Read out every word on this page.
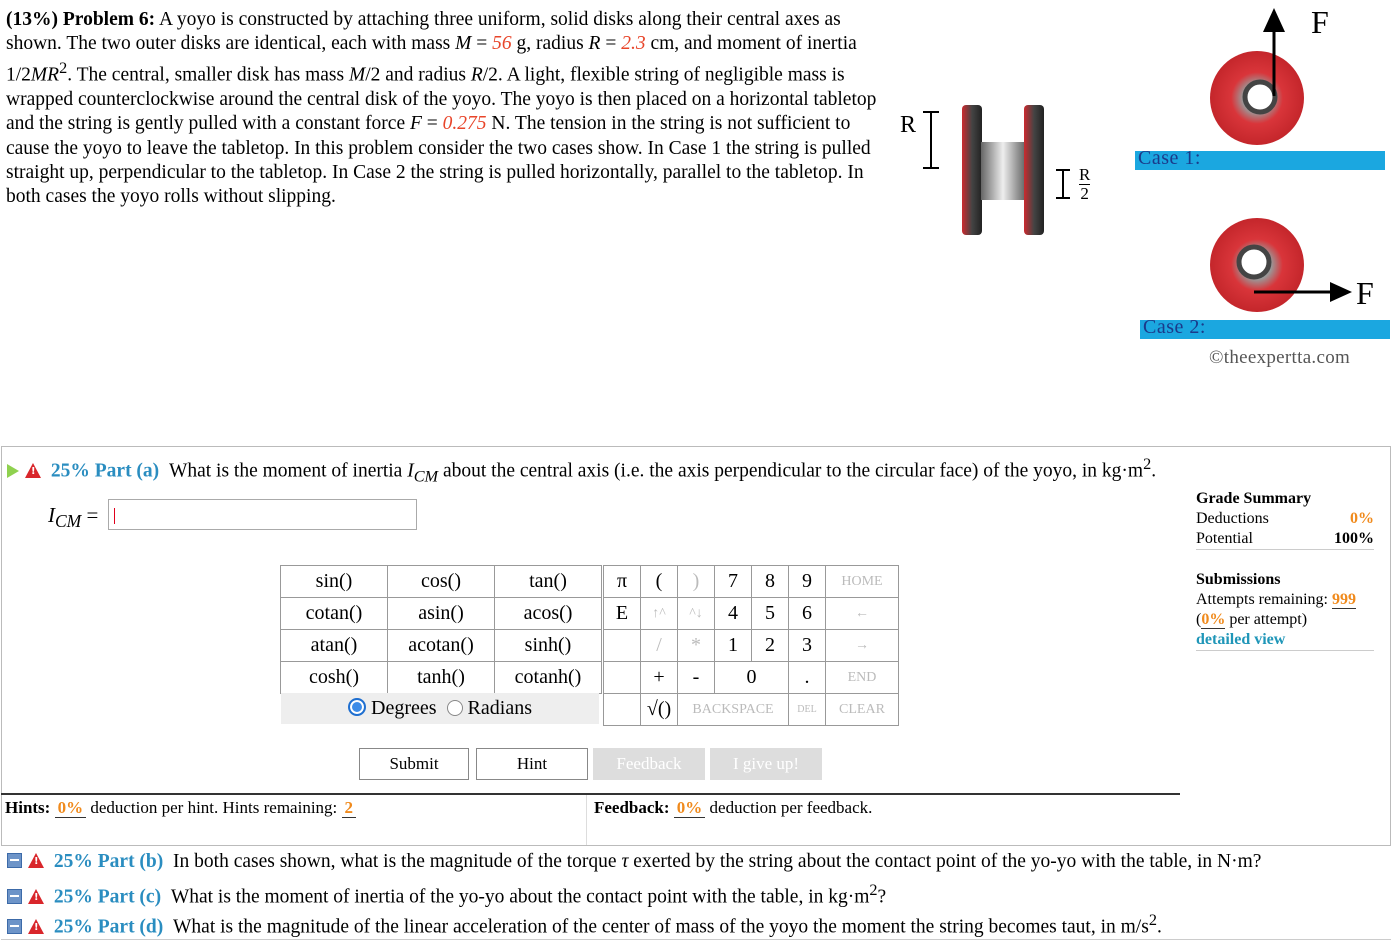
(13%) Problem 6: A yoyo is constructed by attaching three uniform, solid disks along their central axes as shown. The two outer disks are identical, each with mass M = 56 g, radius R = 2.3 cm, and moment of inertia $1/2MR^2$. The central, smaller disk has mass M/2 and radius R/2. A light, flexible string of negligible mass is wrapped counterclockwise around the central disk of the yoyo. The yoyo is then placed on a horizontal tabletop and the string is gently pulled with a constant force F = 0.275 N. The tension in the string is not sufficient to cause the yoyo to leave the tabletop. In this problem consider the two cases show. In Case 1 the string is pulled straight up, perpendicular to the tabletop. In Case 2 the string is pulled horizontally, parallel to the tabletop. In both cases the yoyo rolls without slipping.
R
$\frac{R}{2}$
F
F
Case 1:
Case 2:
©theexpertta.com
! 25% Part (a) What is the moment of inertia $I_{CM}$ about the central axis (i.e. the axis perpendicular to the circular face) of the yoyo, in $kg\cdot m^2$.
$I_{CM}$ =
sin()	cos()	tan()
cotan()	asin()	acos()
atan()	acotan()	sinh()
cosh()	tanh()	cotanh()
Degrees Radians
π	(	)	7	8	9	HOME
E	↑^	^↓	4	5	6	←
	/	*	1	2	3	→
	+	-	0		.	END
	√()	BACKSPACE			DEL	CLEAR
Submit	Hint	Feedback	I give up!
Grade Summary
Deductions	0%
Potential	100%
Submissions
Attempts remaining: 999
(0% per attempt)
detailed view
Hints: 0% deduction per hint. Hints remaining: 2	Feedback: 0% deduction per feedback.
! 25% Part (b) In both cases shown, what is the magnitude of the torque τ exerted by the string about the contact point of the yo-yo with the table, in N·m?
! 25% Part (c) What is the moment of inertia of the yo-yo about the contact point with the table, in $kg\cdot m^2$?
! 25% Part (d) What is the magnitude of the linear acceleration of the center of mass of the yoyo the moment the string becomes taut, in $m/s^2$.
